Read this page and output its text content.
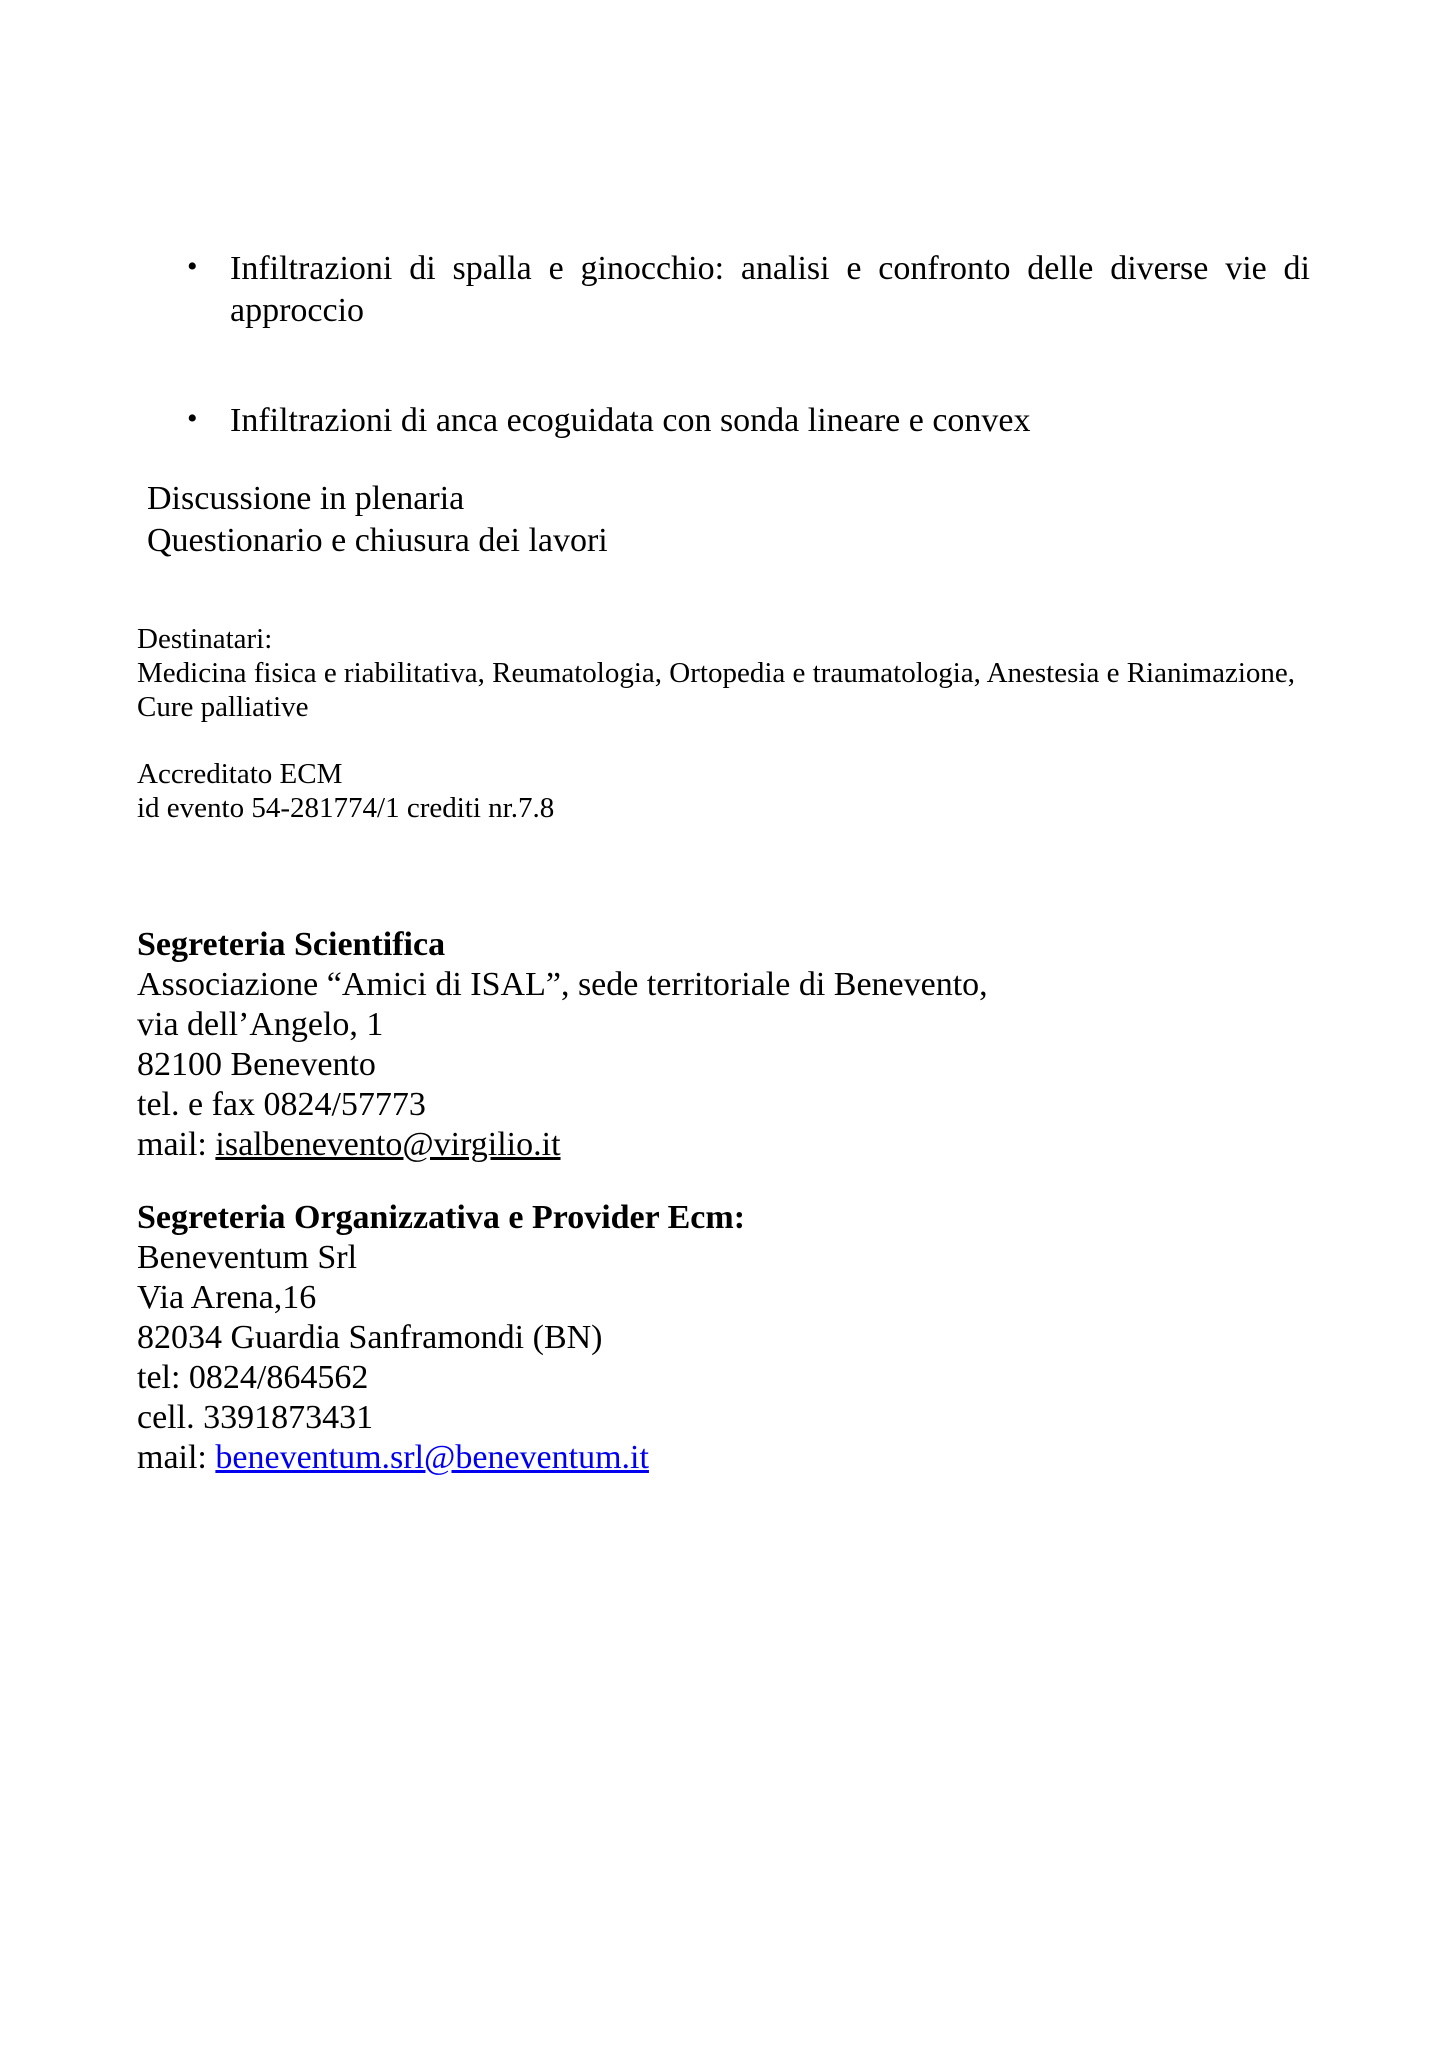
• Infiltrazioni di spalla e ginocchio: analisi e confronto delle diverse vie di
approccio
• Infiltrazioni di anca ecoguidata con sonda lineare e convex
Discussione in plenaria
Questionario e chiusura dei lavori
Destinatari:
Medicina fisica e riabilitativa, Reumatologia, Ortopedia e traumatologia, Anestesia e Rianimazione,
Cure palliative
Accreditato ECM
id evento 54-281774/1 crediti nr.7.8
Segreteria Scientifica
Associazione “Amici di ISAL”, sede territoriale di Benevento,
via dell’Angelo, 1
82100 Benevento
tel. e fax 0824/57773
mail: isalbenevento@virgilio.it
Segreteria Organizzativa e Provider Ecm:
Beneventum Srl
Via Arena,16
82034 Guardia Sanframondi (BN)
tel: 0824/864562
cell. 3391873431
mail: beneventum.srl@beneventum.it
